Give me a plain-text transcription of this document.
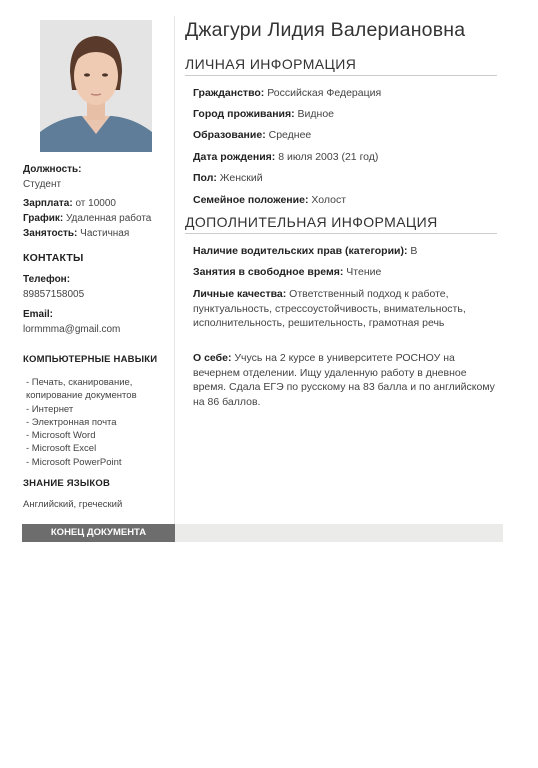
Должность:
Студент
Зарплата: от 10000
График: Удаленная работа
Занятость: Частичная
КОНТАКТЫ
Телефон:
89857158005
Email:
lormmma@gmail.com
КОМПЬЮТЕРНЫЕ НАВЫКИ
- Печать, сканирование,
копирование документов
- Интернет
- Электронная почта
- Microsoft Word
- Microsoft Excel
- Microsoft PowerPoint
ЗНАНИЕ ЯЗЫКОВ
Английский, греческий
Джагури Лидия Валериановна
ЛИЧНАЯ ИНФОРМАЦИЯ
Гражданство: Российская Федерация
Город проживания: Видное
Образование: Среднее
Дата рождения: 8 июля 2003 (21 год)
Пол: Женский
Семейное положение: Холост
ДОПОЛНИТЕЛЬНАЯ ИНФОРМАЦИЯ
Наличие водительских прав (категории): В
Занятия в свободное время: Чтение
Личные качества: Ответственный подход к работе, пунктуальность, стрессоустойчивость, внимательность, исполнительность, решительность, грамотная речь
О себе: Учусь на 2 курсе в университете РОСНОУ на вечернем отделении. Ищу удаленную работу в дневное время. Сдала ЕГЭ по русскому на 83 балла и по английскому на 86 баллов.
КОНЕЦ ДОКУМЕНТА
